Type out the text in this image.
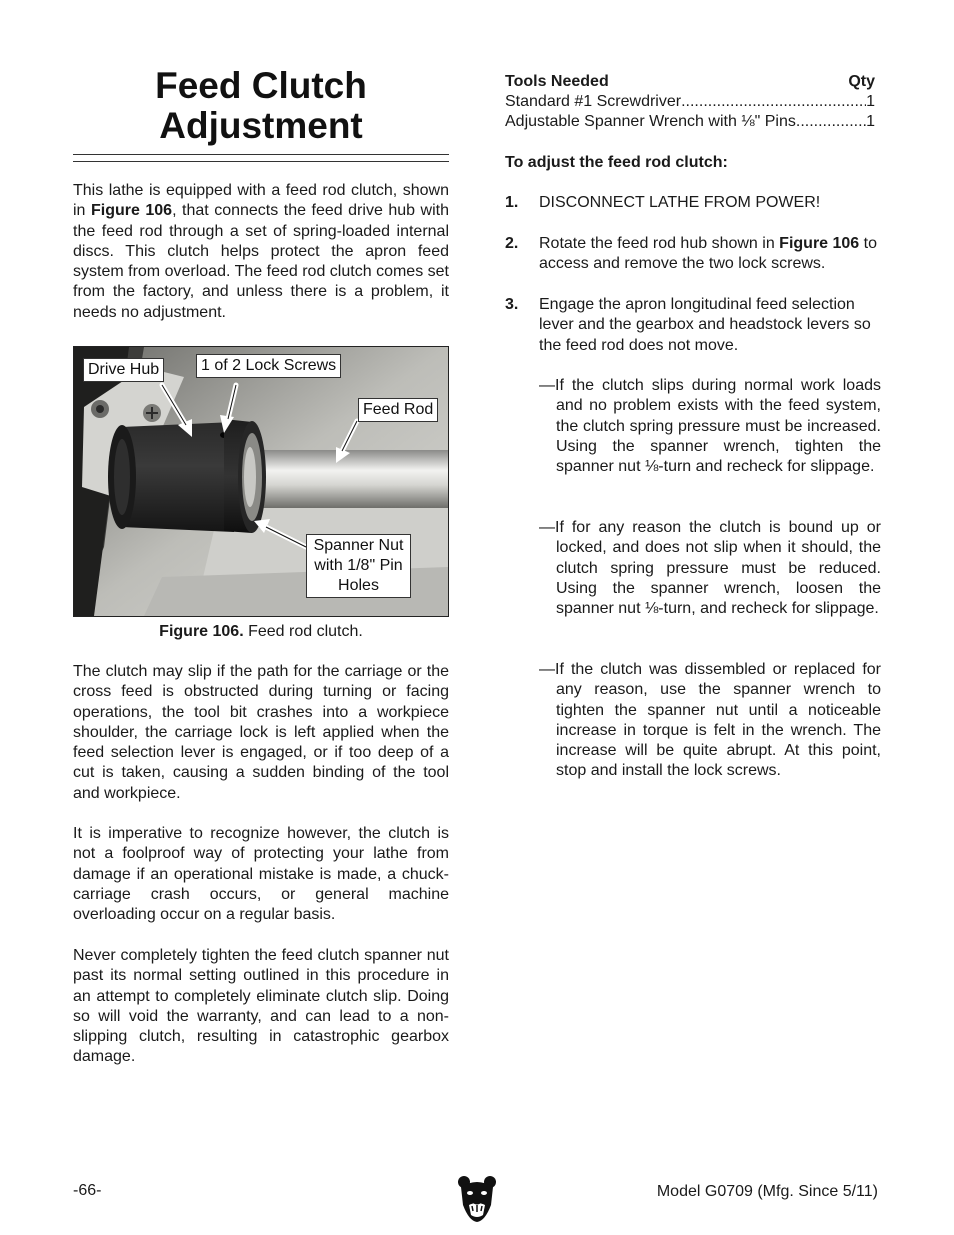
Feed Clutch
Adjustment
This lathe is equipped with a feed rod clutch, shown in Figure 106, that connects the feed drive hub with the feed rod through a set of spring-loaded internal discs. This clutch helps protect the apron feed system from overload. The feed rod clutch comes set from the factory, and unless there is a problem, it needs no adjustment.
Drive Hub	1 of 2 Lock Screws
Feed Rod
Spanner Nut
with 1/8" Pin
Holes
Figure 106. Feed rod clutch.
The clutch may slip if the path for the carriage or the cross feed is obstructed during turning or facing operations, the tool bit crashes into a workpiece shoulder, the carriage lock is left applied when the feed selection lever is engaged, or if too deep of a cut is taken, causing a sudden binding of the tool and workpiece.
It is imperative to recognize however, the clutch is not a foolproof way of protecting your lathe from damage if an operational mistake is made, a chuck-carriage crash occurs, or general machine overloading occur on a regular basis.
Never completely tighten the feed clutch spanner nut past its normal setting outlined in this procedure in an attempt to completely eliminate clutch slip. Doing so will void the warranty, and can lead to a non-slipping clutch, resulting in catastrophic gearbox damage.
Tools Needed	Qty
Standard #1 Screwdriver .....	1
Adjustable Spanner Wrench with ⅛" Pins .....	1
To adjust the feed rod clutch:
1. DISCONNECT LATHE FROM POWER!
2. Rotate the feed rod hub shown in Figure 106 to access and remove the two lock screws.
3. Engage the apron longitudinal feed selection lever and the gearbox and headstock levers so the feed rod does not move.
—If the clutch slips during normal work loads and no problem exists with the feed system, the clutch spring pressure must be increased. Using the spanner wrench, tighten the spanner nut ⅛-turn and recheck for slippage.
—If for any reason the clutch is bound up or locked, and does not slip when it should, the clutch spring pressure must be reduced. Using the spanner wrench, loosen the spanner nut ⅛-turn, and recheck for slippage.
—If the clutch was dissembled or replaced for any reason, use the spanner wrench to tighten the spanner nut until a noticeable increase in torque is felt in the wrench. The increase will be quite abrupt. At this point, stop and install the lock screws.
-66-	Model G0709 (Mfg. Since 5/11)
